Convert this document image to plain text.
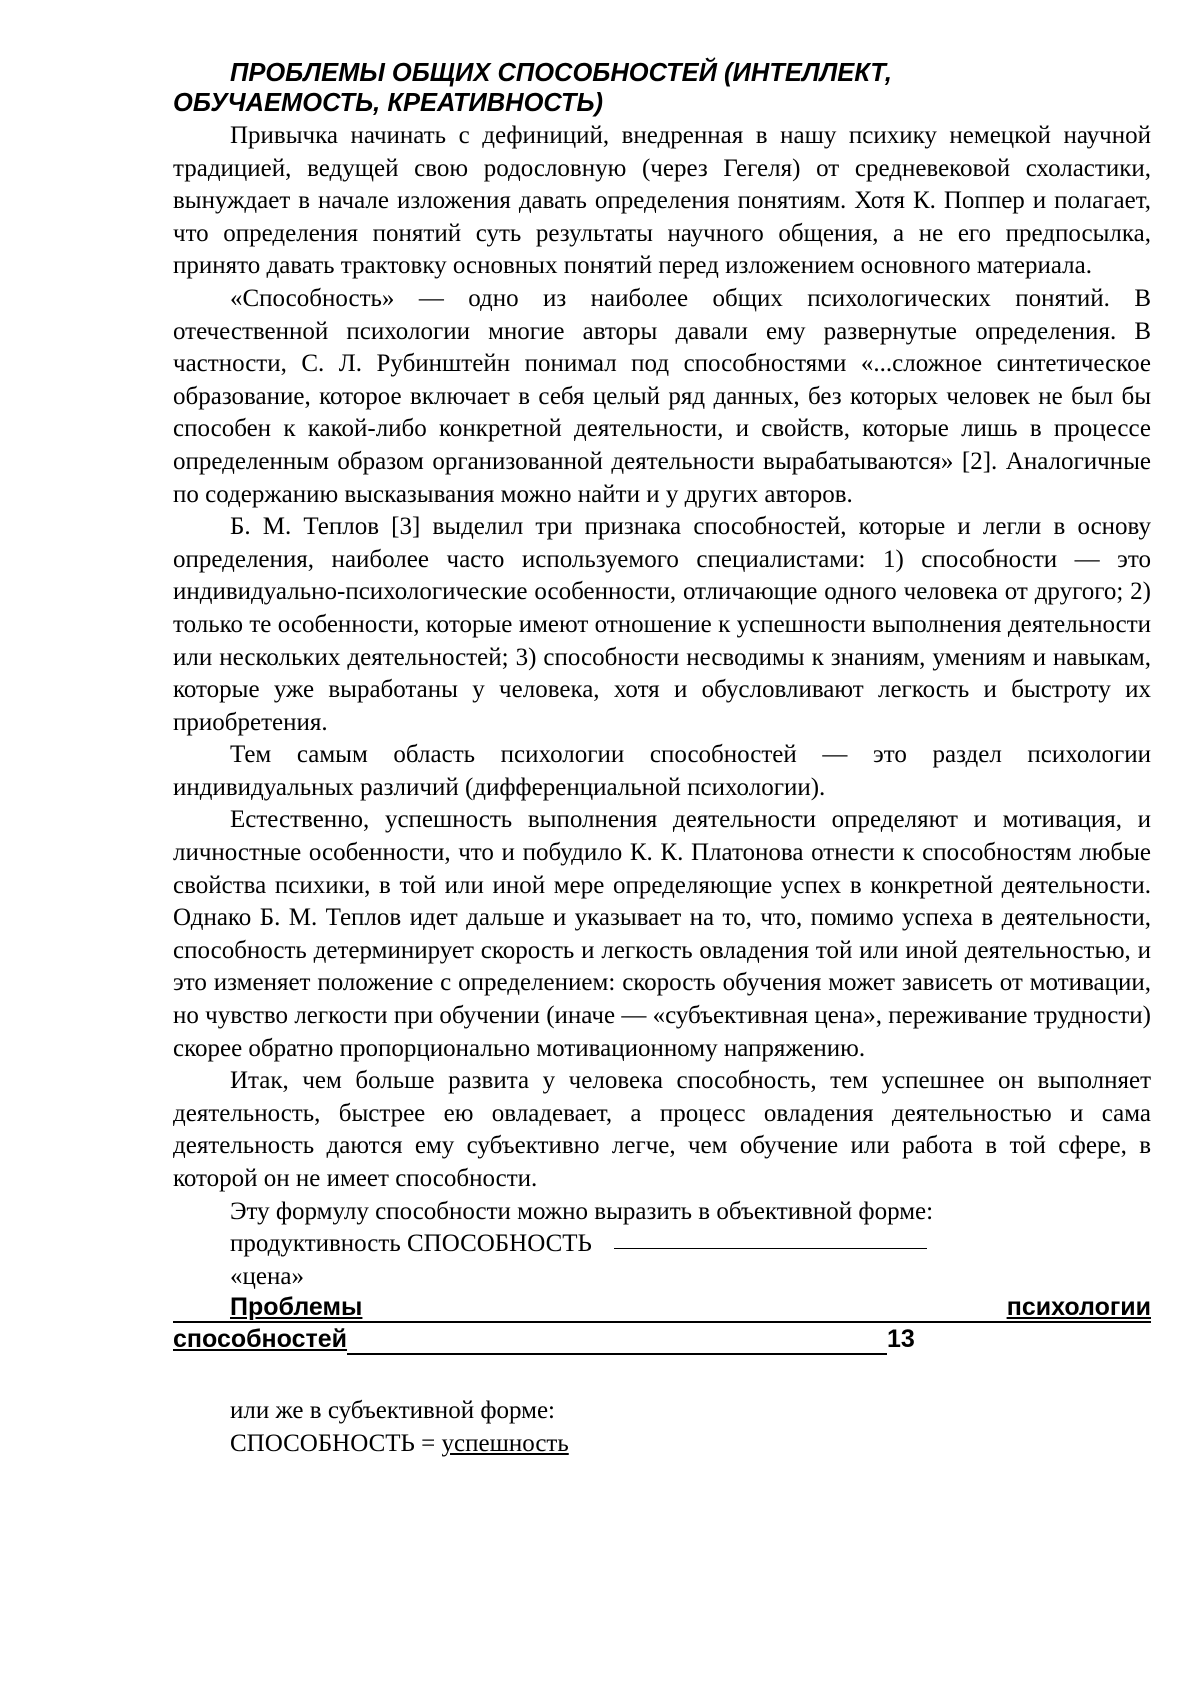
ПРОБЛЕМЫ ОБЩИХ СПОСОБНОСТЕЙ (ИНТЕЛЛЕКТ,
ОБУЧАЕМОСТЬ, КРЕАТИВНОСТЬ)

Привычка начинать с дефиниций, внедренная в нашу психику немецкой научной традицией, ведущей свою родословную (через Гегеля) от средневековой схоластики, вынуждает в начале изложения давать определения понятиям. Хотя К. Поппер и полагает, что определения понятий суть результаты научного общения, а не его предпосылка, принято давать трактовку основных понятий перед изложением основного материала.

«Способность» — одно из наиболее общих психологических понятий. В отечественной психологии многие авторы давали ему развернутые определения. В частности, С. Л. Рубинштейн понимал под способностями «...сложное синтетическое образование, которое включает в себя целый ряд данных, без которых человек не был бы способен к какой-либо конкретной деятельности, и свойств, которые лишь в процессе определенным образом организованной деятельности вырабатываются» [2]. Аналогичные по содержанию высказывания можно найти и у других авторов.

Б. М. Теплов [3] выделил три признака способностей, которые и легли в основу определения, наиболее часто используемого специалистами: 1) способности — это индивидуально-психологические особенности, отличающие одного человека от другого; 2) только те особенности, которые имеют отношение к успешности выполнения деятельности или нескольких деятельностей; 3) способности несводимы к знаниям, умениям и навыкам, которые уже выработаны у человека, хотя и обусловливают легкость и быстроту их приобретения.

Тем самым область психологии способностей — это раздел психологии индивидуальных различий (дифференциальной психологии).

Естественно, успешность выполнения деятельности определяют и мотивация, и личностные особенности, что и побудило К. К. Платонова отнести к способностям любые свойства психики, в той или иной мере определяющие успех в конкретной деятельности. Однако Б. М. Теплов идет дальше и указывает на то, что, помимо успеха в деятельности, способность детерминирует скорость и легкость овладения той или иной деятельностью, и это изменяет положение с определением: скорость обучения может зависеть от мотивации, но чувство легкости при обучении (иначе — «субъективная цена», переживание трудности) скорее обратно пропорционально мотивационному напряжению.

Итак, чем больше развита у человека способность, тем успешнее он выполняет деятельность, быстрее ею овладевает, а процесс овладения деятельностью и сама деятельность даются ему субъективно легче, чем обучение или работа в той сфере, в которой он не имеет способности.

Эту формулу способности можно выразить в объективной форме:
продуктивность СПОСОБНОСТЬ
«цена»
Проблемы	психологии
способностей	13
или же в субъективной форме:
СПОСОБНОСТЬ = успешность
